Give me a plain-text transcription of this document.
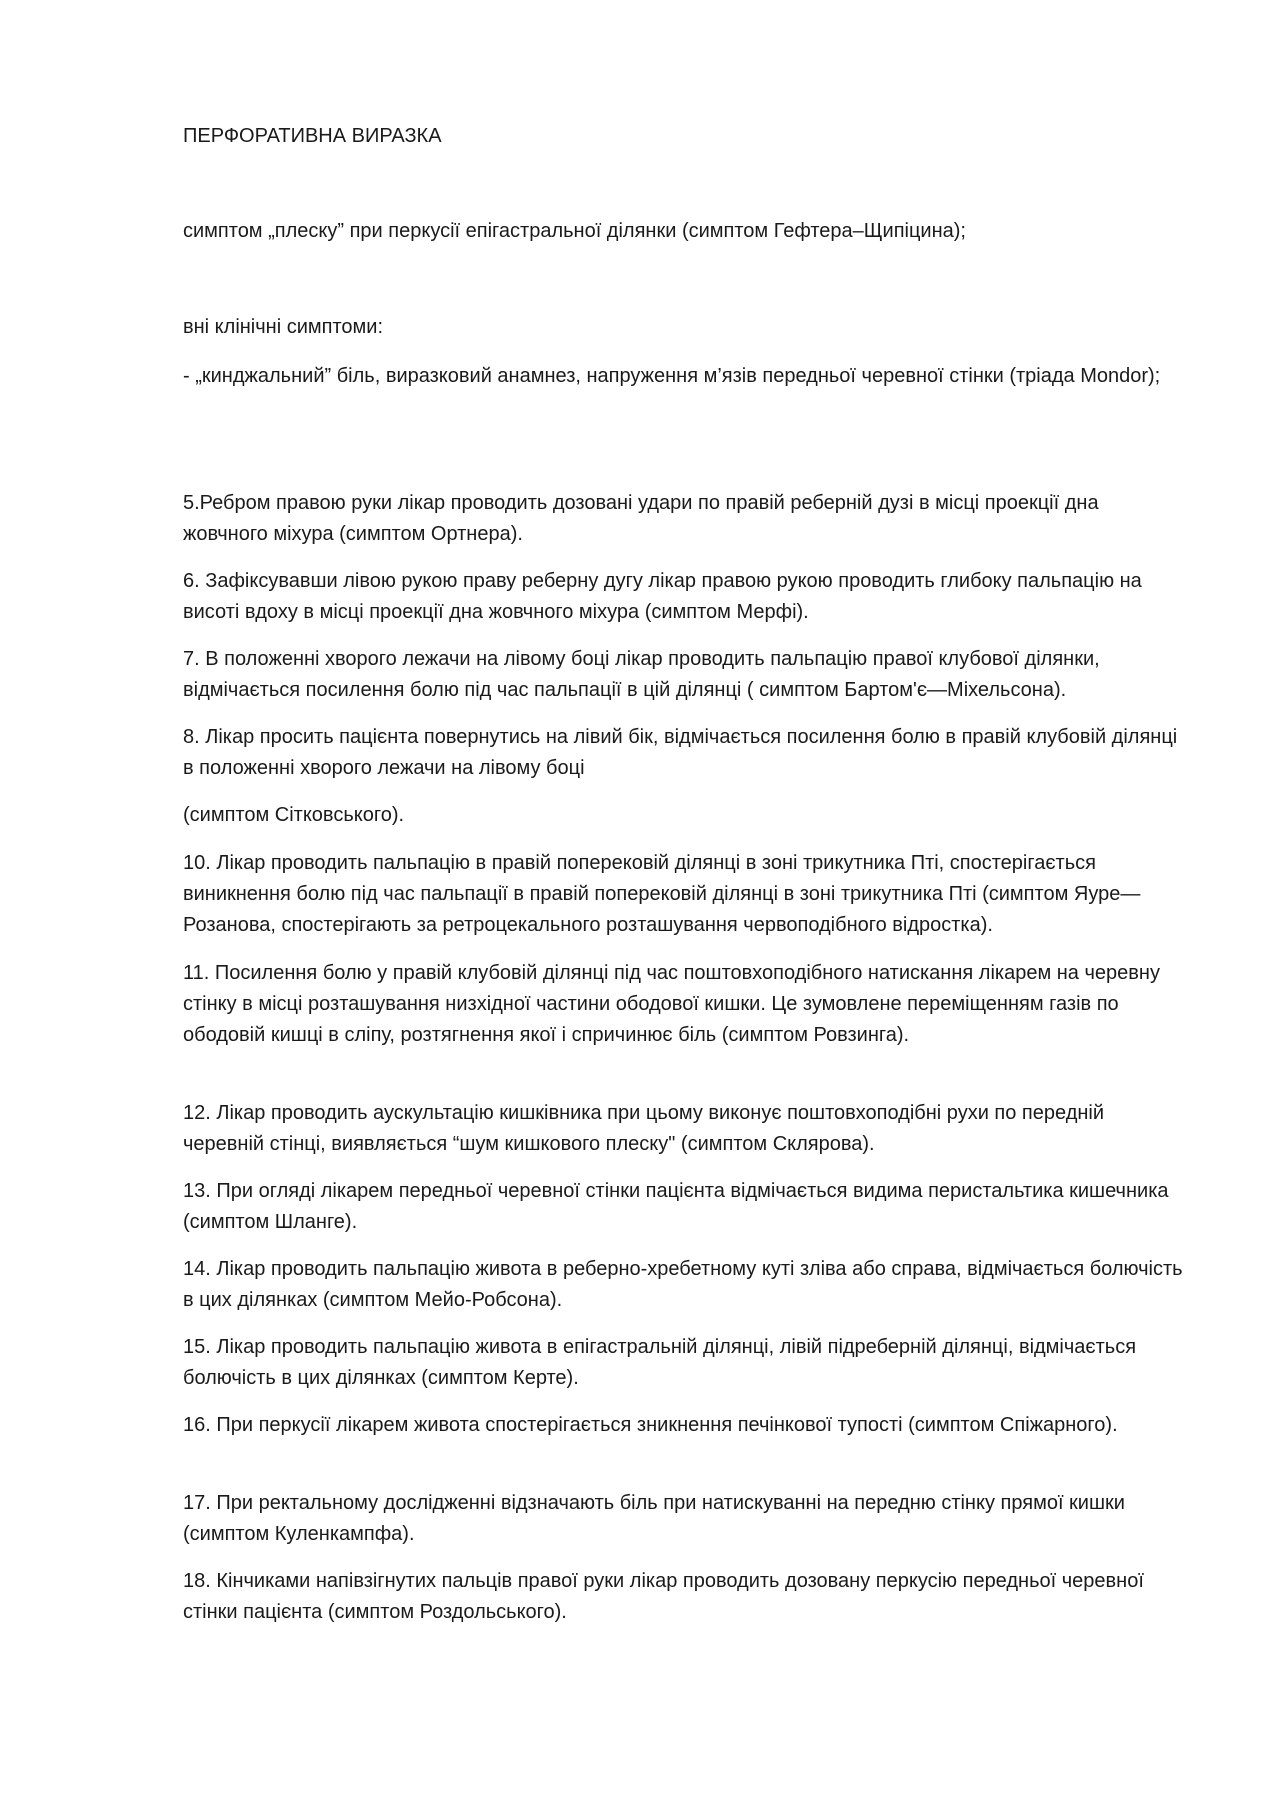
ПЕРФОРАТИВНА ВИРАЗКА
симптом „плеску” при перкусії епігастральної ділянки (симптом Гефтера–Щипіцина);
вні клінічні симптоми:
- „кинджальний” біль, виразковий анамнез, напруження м’язів передньої черевної стінки (тріада Mondor);
5.Ребром правою руки лікар проводить дозовані удари по правій реберній дузі в місці проекції дна жовчного міхура (симптом Ортнера).
6. Зафіксувавши лівою рукою праву реберну дугу лікар правою рукою проводить глибоку пальпацію на висоті вдоху в місці проекції дна жовчного міхура (симптом Мерфі).
7. В положенні хворого лежачи на лівому боці лікар проводить пальпацію правої клубової ділянки, відмічається посилення болю під час пальпації в цій ділянці ( симптом Бартом'є—Міхельсона).
8. Лікар просить пацієнта повернутись на лівий бік, відмічається посилення болю в правій клубовій ділянці в положенні хворого лежачи на лівому боці
(симптом Сітковського).
10. Лікар проводить пальпацію в правій поперековій ділянці в зоні трикутника Пті, спостерігається виникнення болю під час пальпації в правій поперековій ділянці в зоні трикутника Пті (симптом Яуре—Розанова, спостерігають за ретроцекального розташування червоподібного відростка).
11. Посилення болю у правій клубовій ділянці під час поштовхоподібного натискання лікарем на черевну стінку в місці розташування низхідної частини ободової кишки. Це зумовлене переміщенням газів по ободовій кишці в сліпу, розтягнення якої і спричинює біль (симптом Ровзинга).
12. Лікар проводить аускультацію кишківника при цьому виконує поштовхоподібні рухи по передній черевній стінці, виявляється “шум кишкового плеску" (симптом Склярова).
13. При огляді лікарем передньої черевної стінки пацієнта відмічається видима перистальтика кишечника (симптом Шланге).
14. Лікар проводить пальпацію живота в реберно-хребетному куті зліва або справа, відмічається болючість в цих ділянках (симптом Мейо-Робсона).
15. Лікар проводить пальпацію живота в епігастральній ділянці, лівій підреберній ділянці, відмічається болючість в цих ділянках (симптом Керте).
16. При перкусії лікарем живота спостерігається зникнення печінкової тупості (симптом Спіжарного).
17. При ректальному дослідженні відзначають біль при натискуванні на передню стінку прямої кишки (симптом Куленкампфа).
18. Кінчиками напівзігнутих пальців правої руки лікар проводить дозовану перкусію передньої черевної стінки пацієнта (симптом Роздольського).
